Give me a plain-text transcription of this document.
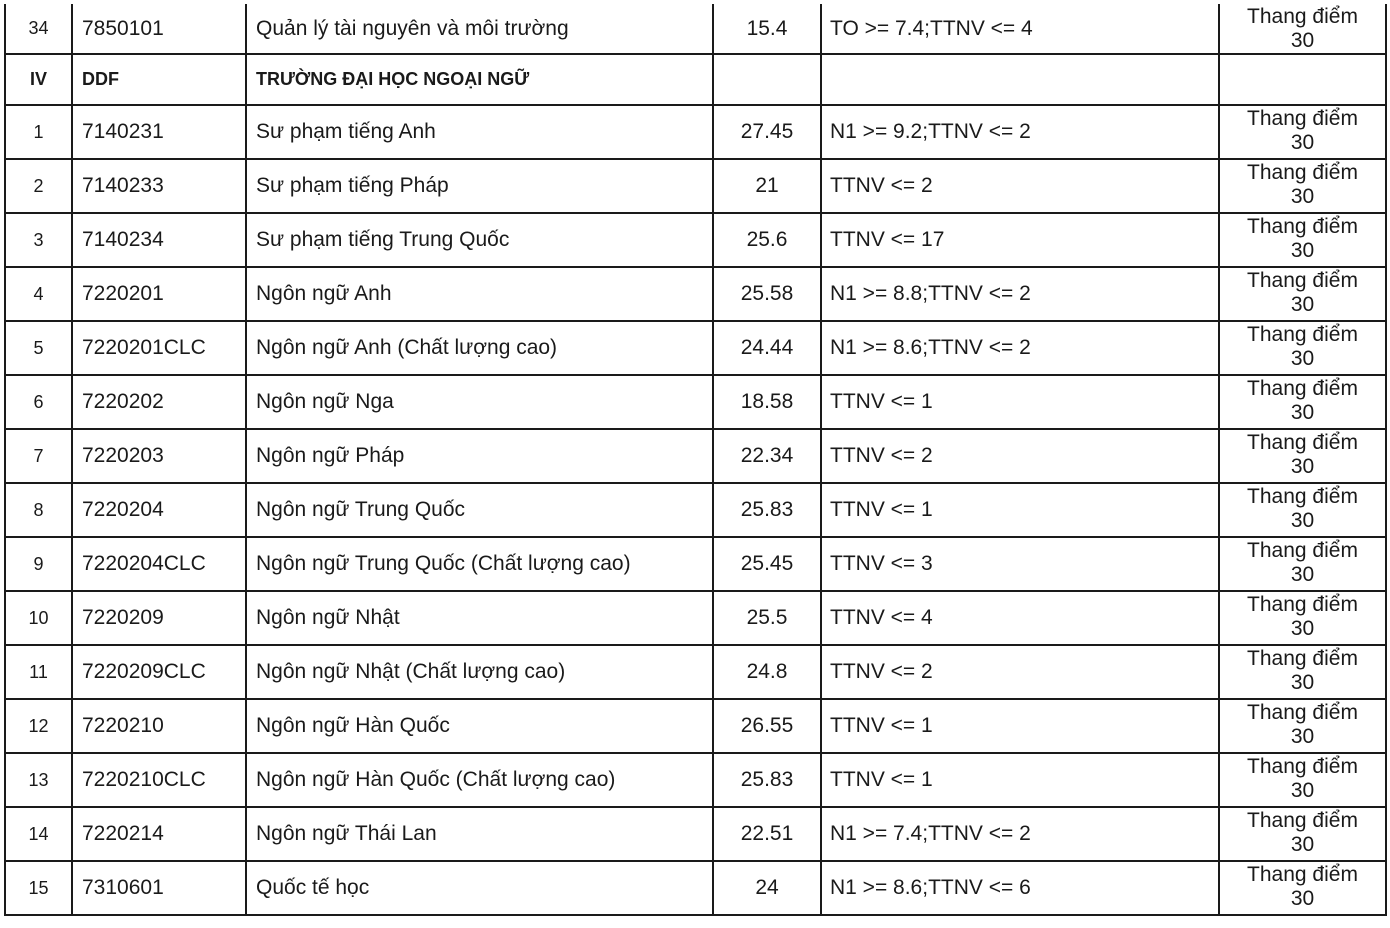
34	7850101	Quản lý tài nguyên và môi trường	15.4	TO >= 7.4;TTNV <= 4	Thang điểm
30

IV	DDF	TRƯỜNG ĐẠI HỌC NGOẠI NGỮ			
1	7140231	Sư phạm tiếng Anh	27.45	N1 >= 9.2;TTNV <= 2	Thang điểm
30

2	7140233	Sư phạm tiếng Pháp	21	TTNV <= 2	Thang điểm
30

3	7140234	Sư phạm tiếng Trung Quốc	25.6	TTNV <= 17	Thang điểm
30

4	7220201	Ngôn ngữ Anh	25.58	N1 >= 8.8;TTNV <= 2	Thang điểm
30

5	7220201CLC	Ngôn ngữ Anh (Chất lượng cao)	24.44	N1 >= 8.6;TTNV <= 2	Thang điểm
30

6	7220202	Ngôn ngữ Nga	18.58	TTNV <= 1	Thang điểm
30

7	7220203	Ngôn ngữ Pháp	22.34	TTNV <= 2	Thang điểm
30

8	7220204	Ngôn ngữ Trung Quốc	25.83	TTNV <= 1	Thang điểm
30

9	7220204CLC	Ngôn ngữ Trung Quốc (Chất lượng cao)	25.45	TTNV <= 3	Thang điểm
30

10	7220209	Ngôn ngữ Nhật	25.5	TTNV <= 4	Thang điểm
30

11	7220209CLC	Ngôn ngữ Nhật (Chất lượng cao)	24.8	TTNV <= 2	Thang điểm
30

12	7220210	Ngôn ngữ Hàn Quốc	26.55	TTNV <= 1	Thang điểm
30

13	7220210CLC	Ngôn ngữ Hàn Quốc (Chất lượng cao)	25.83	TTNV <= 1	Thang điểm
30

14	7220214	Ngôn ngữ Thái Lan	22.51	N1 >= 7.4;TTNV <= 2	Thang điểm
30

15	7310601	Quốc tế học	24	N1 >= 8.6;TTNV <= 6	Thang điểm
30
